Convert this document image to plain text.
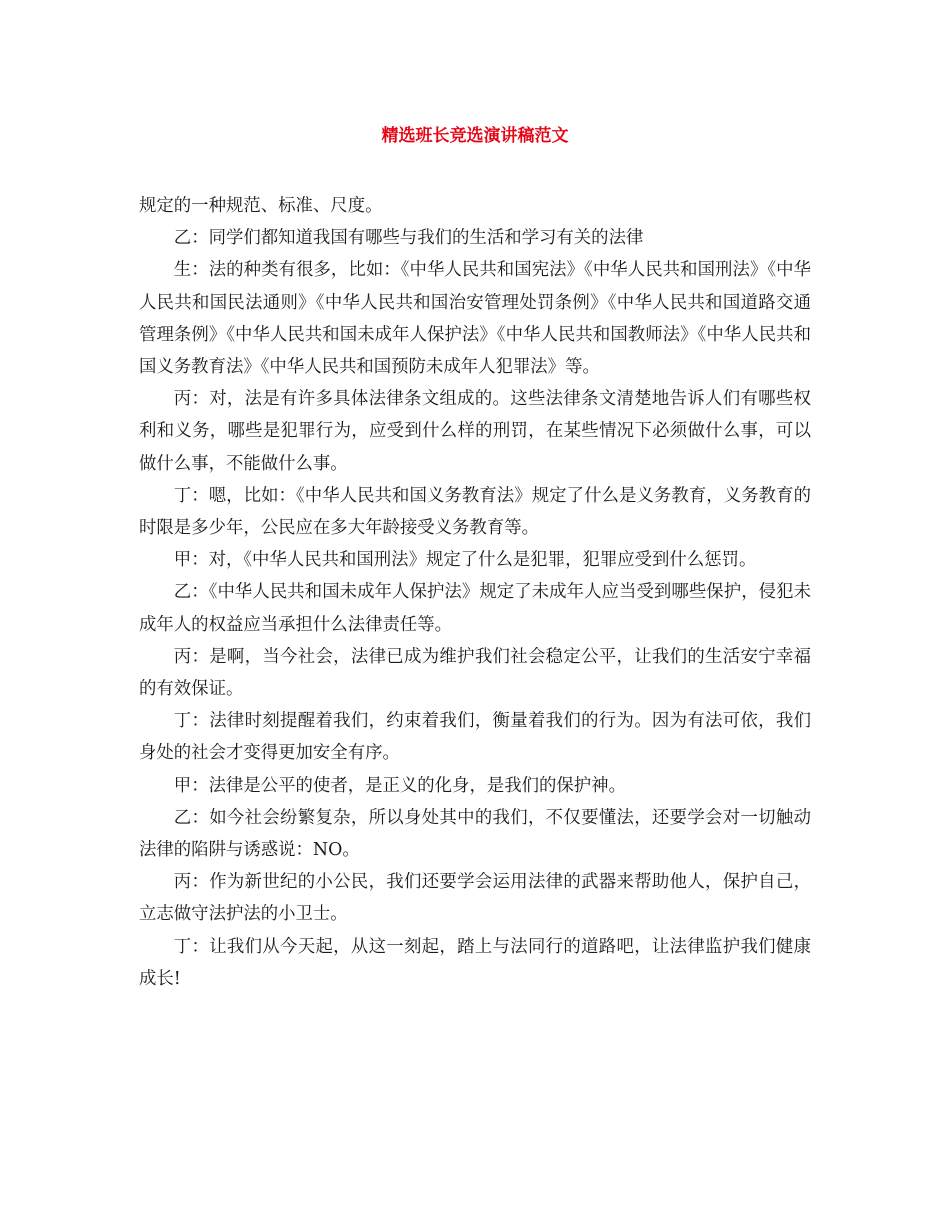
精选班长竞选演讲稿范文

规定的一种规范、标准、尺度。

乙：同学们都知道我国有哪些与我们的生活和学习有关的法律

生：法的种类有很多，比如：《中华人民共和国宪法》《中华人民共和国刑法》《中华人民共和国民法通则》《中华人民共和国治安管理处罚条例》《中华人民共和国道路交通管理条例》《中华人民共和国未成年人保护法》《中华人民共和国教师法》《中华人民共和国义务教育法》《中华人民共和国预防未成年人犯罪法》等。

丙：对，法是有许多具体法律条文组成的。这些法律条文清楚地告诉人们有哪些权利和义务，哪些是犯罪行为，应受到什么样的刑罚，在某些情况下必须做什么事，可以做什么事，不能做什么事。

丁：嗯，比如：《中华人民共和国义务教育法》规定了什么是义务教育，义务教育的时限是多少年，公民应在多大年龄接受义务教育等。

甲：对，《中华人民共和国刑法》规定了什么是犯罪，犯罪应受到什么惩罚。

乙：《中华人民共和国未成年人保护法》规定了未成年人应当受到哪些保护，侵犯未成年人的权益应当承担什么法律责任等。

丙：是啊，当今社会，法律已成为维护我们社会稳定公平，让我们的生活安宁幸福的有效保证。

丁：法律时刻提醒着我们，约束着我们，衡量着我们的行为。因为有法可依，我们身处的社会才变得更加安全有序。

甲：法律是公平的使者，是正义的化身，是我们的保护神。

乙：如今社会纷繁复杂，所以身处其中的我们，不仅要懂法，还要学会对一切触动法律的陷阱与诱惑说：NO。

丙：作为新世纪的小公民，我们还要学会运用法律的武器来帮助他人，保护自己，立志做守法护法的小卫士。

丁：让我们从今天起，从这一刻起，踏上与法同行的道路吧，让法律监护我们健康成长!
